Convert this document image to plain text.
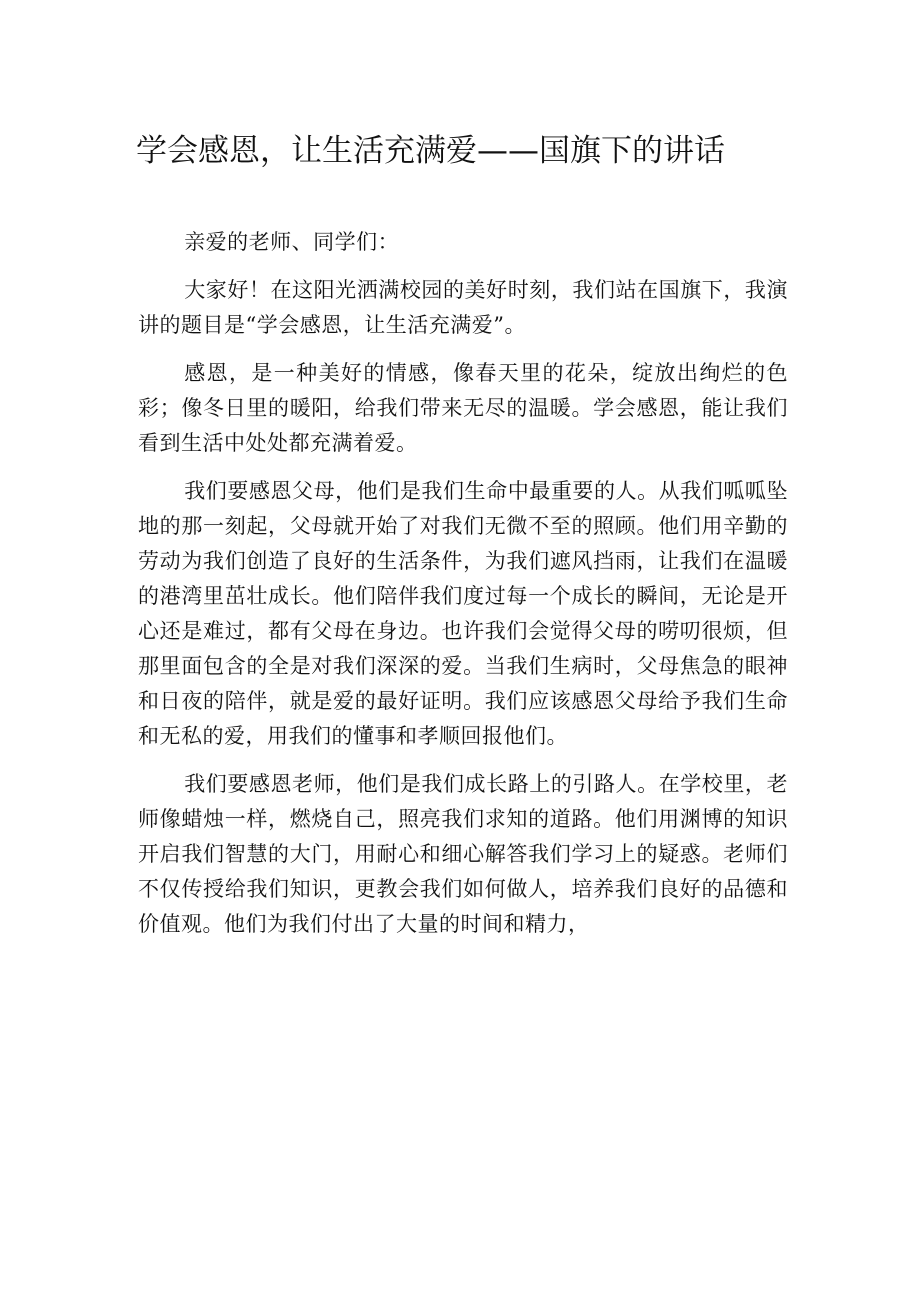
学会感恩，让生活充满爱——国旗下的讲话

亲爱的老师、同学们：

大家好！在这阳光洒满校园的美好时刻，我们站在国旗下，我演讲的题目是“学会感恩，让生活充满爱”。

感恩，是一种美好的情感，像春天里的花朵，绽放出绚烂的色彩；像冬日里的暖阳，给我们带来无尽的温暖。学会感恩，能让我们看到生活中处处都充满着爱。

我们要感恩父母，他们是我们生命中最重要的人。从我们呱呱坠地的那一刻起，父母就开始了对我们无微不至的照顾。他们用辛勤的劳动为我们创造了良好的生活条件，为我们遮风挡雨，让我们在温暖的港湾里茁壮成长。他们陪伴我们度过每一个成长的瞬间，无论是开心还是难过，都有父母在身边。也许我们会觉得父母的唠叨很烦，但那里面包含的全是对我们深深的爱。当我们生病时，父母焦急的眼神和日夜的陪伴，就是爱的最好证明。我们应该感恩父母给予我们生命和无私的爱，用我们的懂事和孝顺回报他们。

我们要感恩老师，他们是我们成长路上的引路人。在学校里，老师像蜡烛一样，燃烧自己，照亮我们求知的道路。他们用渊博的知识开启我们智慧的大门，用耐心和细心解答我们学习上的疑惑。老师们不仅传授给我们知识，更教会我们如何做人，培养我们良好的品德和价值观。他们为我们付出了大量的时间和精力，
